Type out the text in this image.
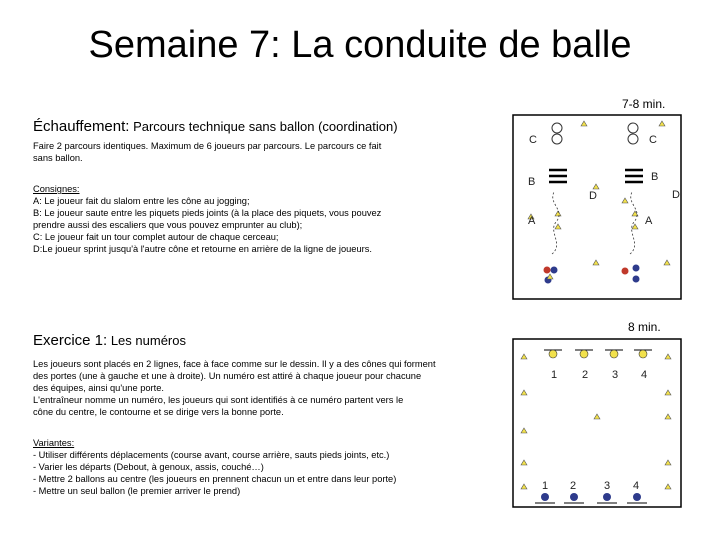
Semaine 7: La conduite de balle
7-8 min.
Échauffement: Parcours technique sans ballon (coordination)
Faire 2 parcours identiques. Maximum de 6 joueurs par parcours. Le parcours ce fait
sans ballon.
Consignes:
A: Le joueur fait du slalom entre les cône au jogging;
B: Le joueur saute entre les piquets pieds joints (à la place des piquets, vous pouvez
prendre aussi des escaliers que vous pouvez emprunter au club);
C: Le joueur fait un tour complet autour de chaque cerceau;
D:Le joueur sprint jusqu'à l'autre cône et retourne en arrière de la ligne de joueurs.
C	C
B	B
D	D
A	A
8 min.
Exercice 1: Les numéros
Les joueurs sont placés en 2 lignes, face à face comme sur le dessin. Il y a des cônes qui forment
des portes (une à gauche et une à droite). Un numéro est attiré à chaque joueur pour chacune
des équipes, ainsi qu'une porte.
L'entraîneur nomme un numéro, les joueurs qui sont identifiés à ce numéro partent vers le
cône du centre, le contourne et se dirige vers la bonne porte.
Variantes:
- Utiliser différents déplacements (course avant, course arrière, sauts pieds joints, etc.)
- Varier les départs (Debout, à genoux, assis, couché…)
- Mettre 2 ballons au centre (les joueurs en prennent chacun un et entre dans leur porte)
- Mettre un seul ballon (le premier arriver le prend)
1 2 3 4
1 2	3 4
